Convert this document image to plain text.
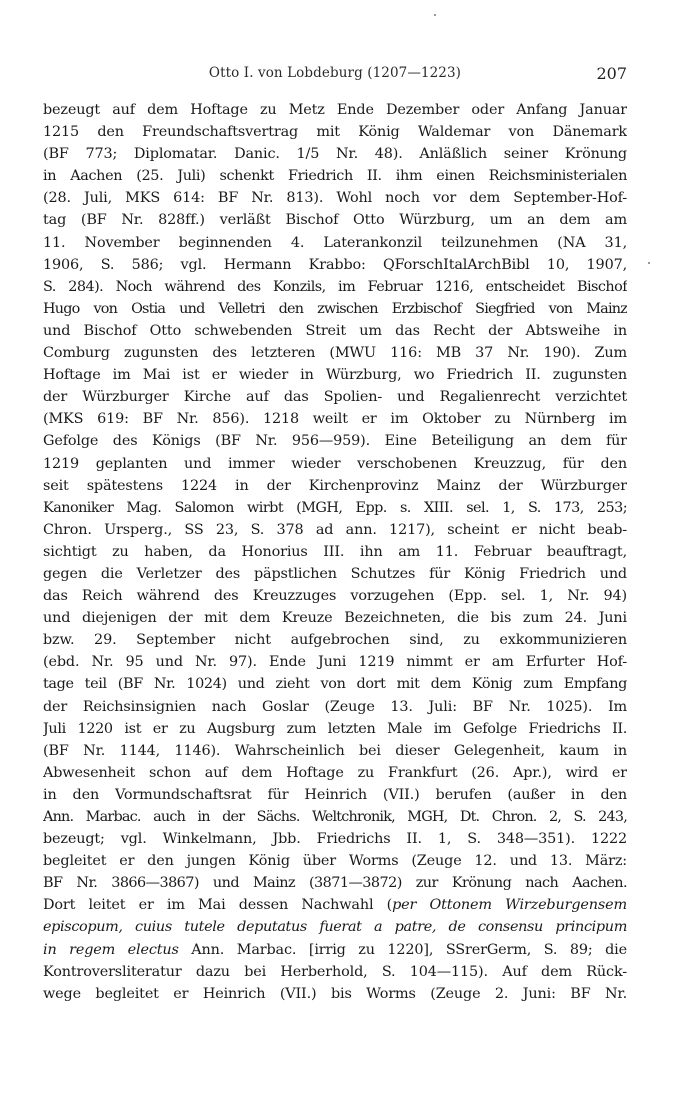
Otto I. von Lobdeburg (1207—1223)	207
bezeugt auf dem Hoftage zu Metz Ende Dezember oder Anfang Januar
1215 den Freundschaftsvertrag mit König Waldemar von Dänemark
(BF 773; Diplomatar. Danic. 1/5 Nr. 48). Anläßlich seiner Krönung
in Aachen (25. Juli) schenkt Friedrich II. ihm einen Reichsministerialen
(28. Juli, MKS 614: BF Nr. 813). Wohl noch vor dem September-Hof-
tag (BF Nr. 828ff.) verläßt Bischof Otto Würzburg, um an dem am
11. November beginnenden 4. Laterankonzil teilzunehmen (NA 31,
1906, S. 586; vgl. Hermann Krabbo: QForschItalArchBibl 10, 1907,
S. 284). Noch während des Konzils, im Februar 1216, entscheidet Bischof
Hugo von Ostia und Velletri den zwischen Erzbischof Siegfried von Mainz
und Bischof Otto schwebenden Streit um das Recht der Abtsweihe in
Comburg zugunsten des letzteren (MWU 116: MB 37 Nr. 190). Zum
Hoftage im Mai ist er wieder in Würzburg, wo Friedrich II. zugunsten
der Würzburger Kirche auf das Spolien- und Regalienrecht verzichtet
(MKS 619: BF Nr. 856). 1218 weilt er im Oktober zu Nürnberg im
Gefolge des Königs (BF Nr. 956—959). Eine Beteiligung an dem für
1219 geplanten und immer wieder verschobenen Kreuzzug, für den
seit spätestens 1224 in der Kirchenprovinz Mainz der Würzburger
Kanoniker Mag. Salomon wirbt (MGH, Epp. s. XIII. sel. 1, S. 173, 253;
Chron. Ursperg., SS 23, S. 378 ad ann. 1217), scheint er nicht beab-
sichtigt zu haben, da Honorius III. ihn am 11. Februar beauftragt,
gegen die Verletzer des päpstlichen Schutzes für König Friedrich und
das Reich während des Kreuzzuges vorzugehen (Epp. sel. 1, Nr. 94)
und diejenigen der mit dem Kreuze Bezeichneten, die bis zum 24. Juni
bzw. 29. September nicht aufgebrochen sind, zu exkommunizieren
(ebd. Nr. 95 und Nr. 97). Ende Juni 1219 nimmt er am Erfurter Hof-
tage teil (BF Nr. 1024) und zieht von dort mit dem König zum Empfang
der Reichsinsignien nach Goslar (Zeuge 13. Juli: BF Nr. 1025). Im
Juli 1220 ist er zu Augsburg zum letzten Male im Gefolge Friedrichs II.
(BF Nr. 1144, 1146). Wahrscheinlich bei dieser Gelegenheit, kaum in
Abwesenheit schon auf dem Hoftage zu Frankfurt (26. Apr.), wird er
in den Vormundschaftsrat für Heinrich (VII.) berufen (außer in den
Ann. Marbac. auch in der Sächs. Weltchronik, MGH, Dt. Chron. 2, S. 243,
bezeugt; vgl. Winkelmann, Jbb. Friedrichs II. 1, S. 348—351). 1222
begleitet er den jungen König über Worms (Zeuge 12. und 13. März:
BF Nr. 3866—3867) und Mainz (3871—3872) zur Krönung nach Aachen.
Dort leitet er im Mai dessen Nachwahl (per Ottonem Wirzeburgensem
episcopum, cuius tutele deputatus fuerat a patre, de consensu principum
in regem electus Ann. Marbac. [irrig zu 1220], SSrerGerm, S. 89; die
Kontroversliteratur dazu bei Herberhold, S. 104—115). Auf dem Rück-
wege begleitet er Heinrich (VII.) bis Worms (Zeuge 2. Juni: BF Nr.
